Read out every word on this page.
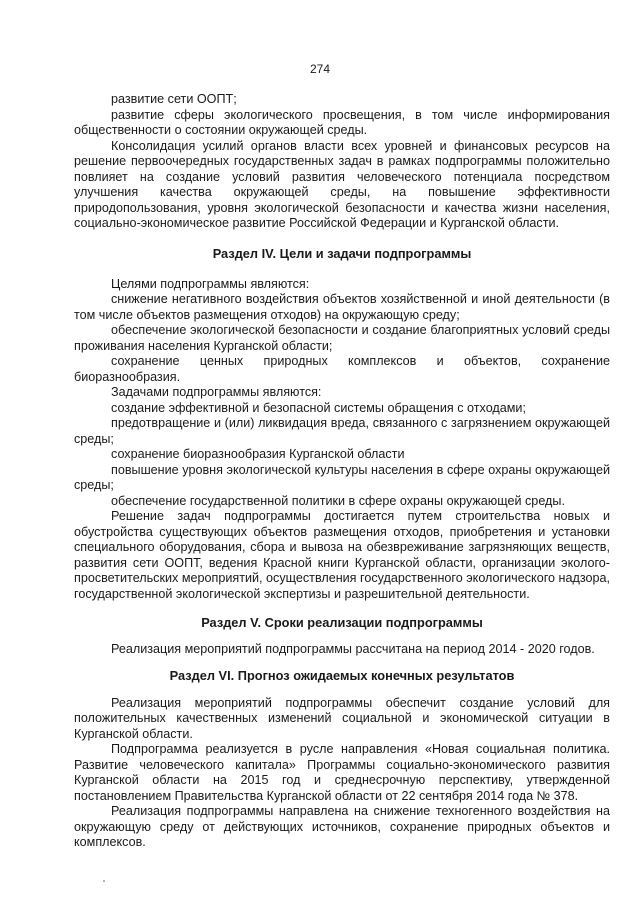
274

развитие сети ООПТ;

развитие сферы экологического просвещения, в том числе информирования общественности о состоянии окружающей среды.

Консолидация усилий органов власти всех уровней и финансовых ресурсов на решение первоочередных государственных задач в рамках подпрограммы положительно повлияет на создание условий развития человеческого потенциала посредством улучшения качества окружающей среды, на повышение эффективности природопользования, уровня экологической безопасности и качества жизни населения, социально-экономическое развитие Российской Федерации и Курганской области.

Раздел IV. Цели и задачи подпрограммы

Целями подпрограммы являются:

снижение негативного воздействия объектов хозяйственной и иной деятельности (в том числе объектов размещения отходов) на окружающую среду;

обеспечение экологической безопасности и создание благоприятных условий среды проживания населения Курганской области;

сохранение ценных природных комплексов и объектов, сохранение биоразнообразия.

Задачами подпрограммы являются:

создание эффективной и безопасной системы обращения с отходами;

предотвращение и (или) ликвидация вреда, связанного с загрязнением окружающей среды;

сохранение биоразнообразия Курганской области

повышение уровня экологической культуры населения в сфере охраны окружающей среды;

обеспечение государственной политики в сфере охраны окружающей среды.

Решение задач подпрограммы достигается путем строительства новых и обустройства существующих объектов размещения отходов, приобретения и установки специального оборудования, сбора и вывоза на обезвреживание загрязняющих веществ, развития сети ООПТ, ведения Красной книги Курганской области, организации эколого-просветительских мероприятий, осуществления государственного экологического надзора, государственной экологической экспертизы и разрешительной деятельности.

Раздел V. Сроки реализации подпрограммы

Реализация мероприятий подпрограммы рассчитана на период 2014 - 2020 годов.

Раздел VI. Прогноз ожидаемых конечных результатов

Реализация мероприятий подпрограммы обеспечит создание условий для положительных качественных изменений социальной и экономической ситуации в Курганской области.

Подпрограмма реализуется в русле направления «Новая социальная политика. Развитие человеческого капитала» Программы социально-экономического развития Курганской области на 2015 год и среднесрочную перспективу, утвержденной постановлением Правительства Курганской области от 22 сентября 2014 года № 378.

Реализация подпрограммы направлена на снижение техногенного воздействия на окружающую среду от действующих источников, сохранение природных объектов и комплексов.
